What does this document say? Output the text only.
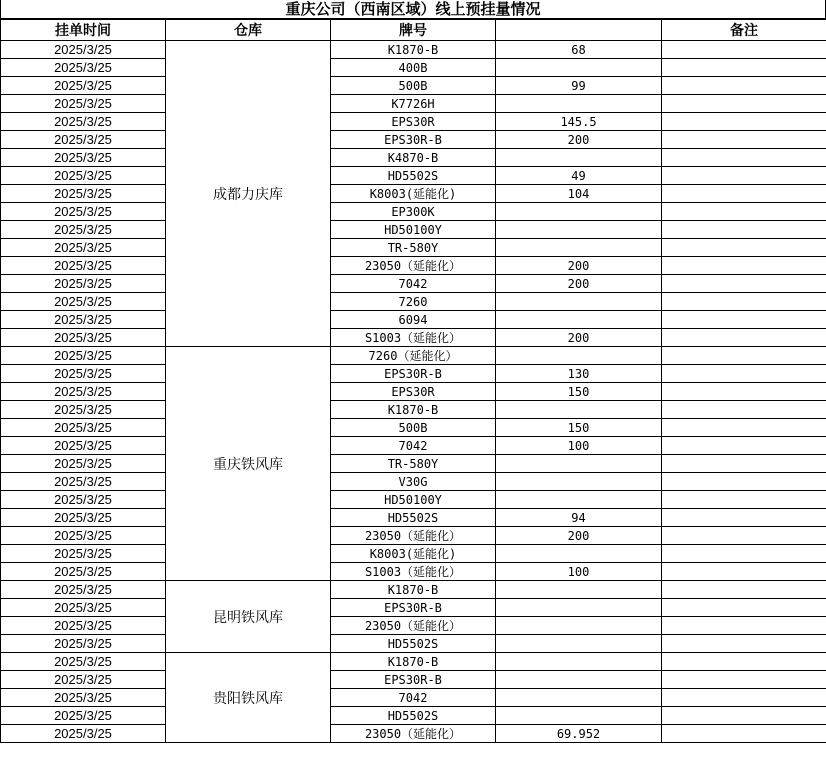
重庆公司（西南区域）线上预挂量情况
挂单时间	仓库	牌号		备注
2025/3/25	成都力庆库	K1870-B	68	
2025/3/25		400B		
2025/3/25		500B	99	
2025/3/25		K7726H		
2025/3/25		EPS30R	145.5	
2025/3/25		EPS30R-B	200	
2025/3/25		K4870-B		
2025/3/25		HD5502S	49	
2025/3/25		K8003(延能化)	104	
2025/3/25		EP300K		
2025/3/25		HD50100Y		
2025/3/25		TR-580Y		
2025/3/25		23050（延能化）	200	
2025/3/25		7042	200	
2025/3/25		7260		
2025/3/25		6094		
2025/3/25		S1003（延能化）	200	
2025/3/25	重庆铁风库	7260（延能化）		
2025/3/25		EPS30R-B	130	
2025/3/25		EPS30R	150	
2025/3/25		K1870-B		
2025/3/25		500B	150	
2025/3/25		7042	100	
2025/3/25		TR-580Y		
2025/3/25		V30G		
2025/3/25		HD50100Y		
2025/3/25		HD5502S	94	
2025/3/25		23050（延能化）	200	
2025/3/25		K8003(延能化)		
2025/3/25		S1003（延能化）	100	
2025/3/25	昆明铁风库	K1870-B		
2025/3/25		EPS30R-B		
2025/3/25		23050（延能化）		
2025/3/25		HD5502S		
2025/3/25	贵阳铁风库	K1870-B		
2025/3/25		EPS30R-B		
2025/3/25		7042		
2025/3/25		HD5502S		
2025/3/25		23050（延能化）	69.952	
